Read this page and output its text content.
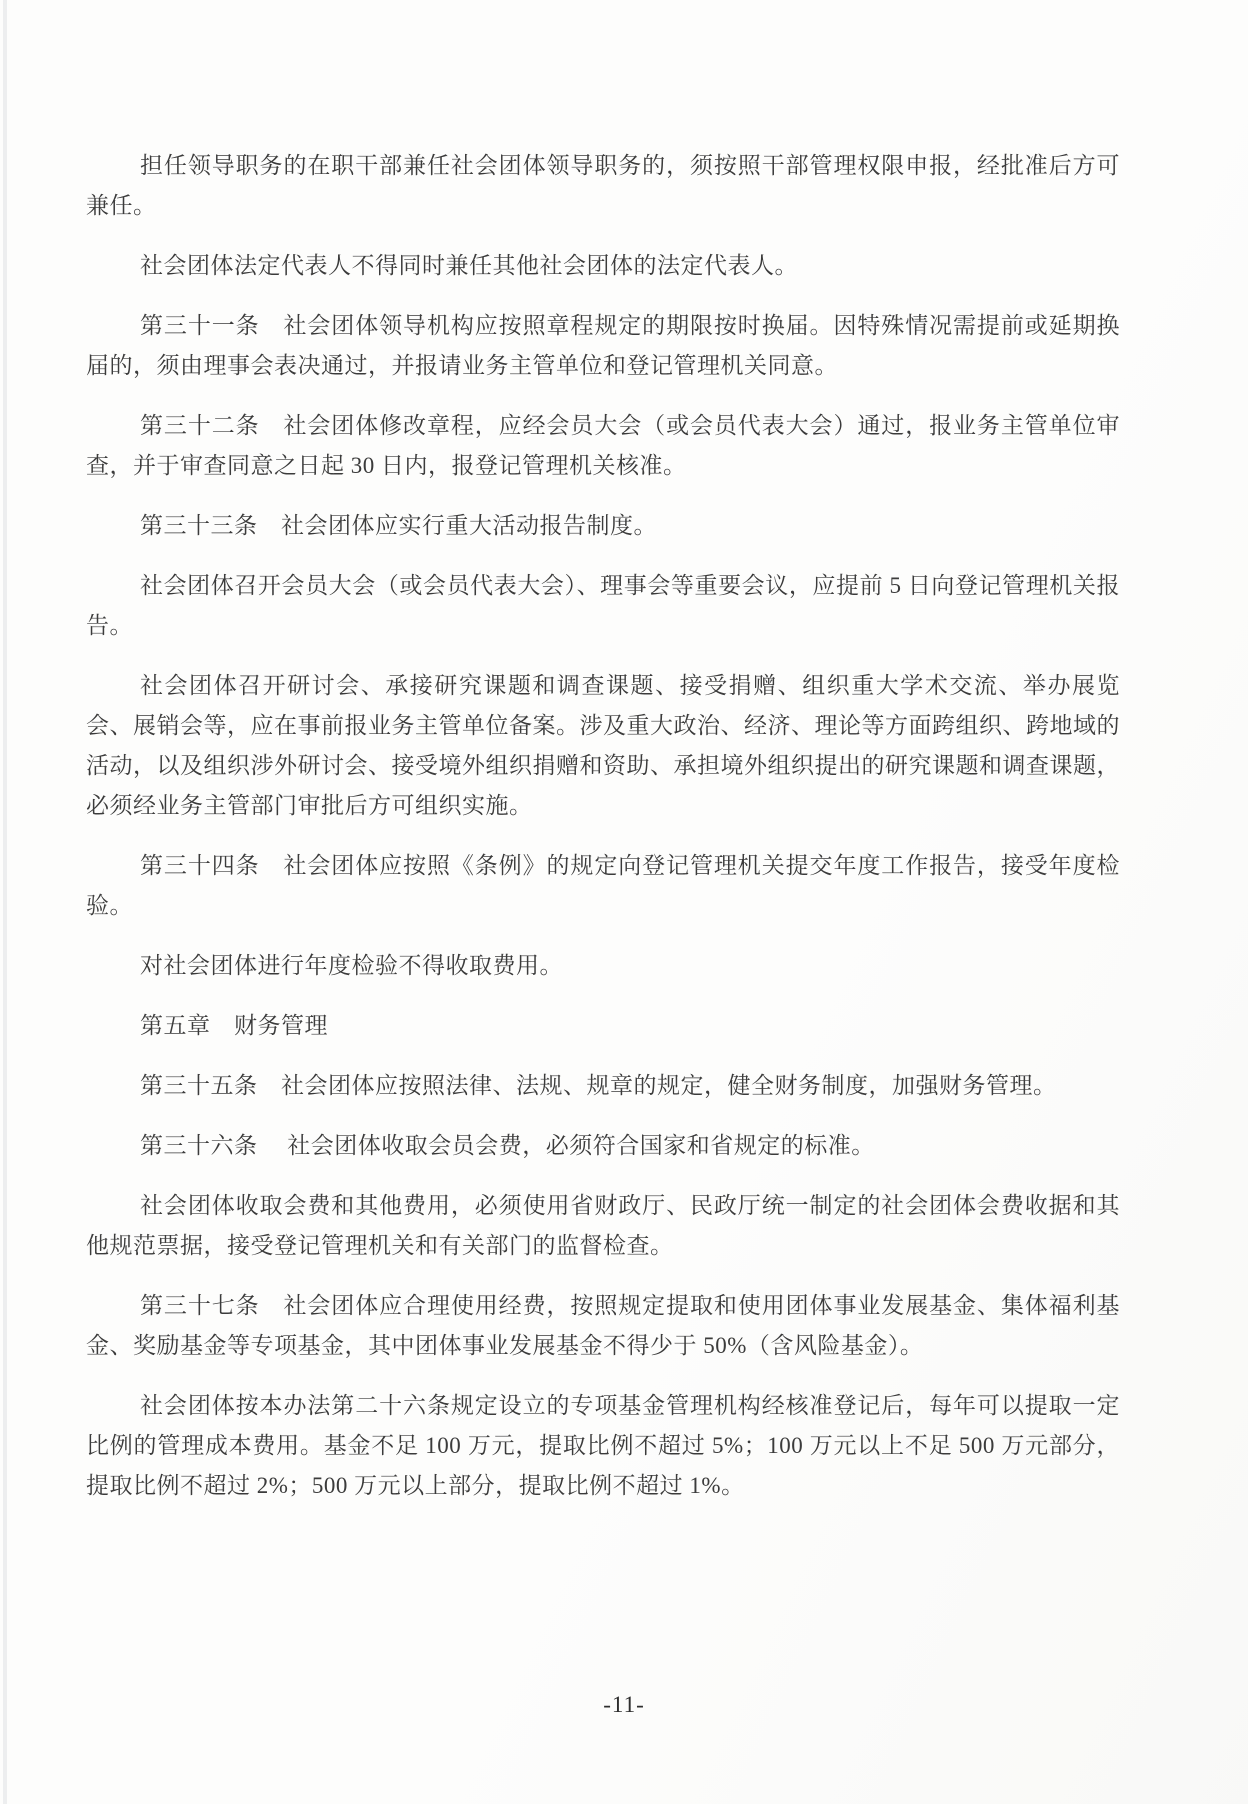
担任领导职务的在职干部兼任社会团体领导职务的，须按照干部管理权限申报，经批准后方可兼任。

社会团体法定代表人不得同时兼任其他社会团体的法定代表人。

第三十一条　社会团体领导机构应按照章程规定的期限按时换届。因特殊情况需提前或延期换届的，须由理事会表决通过，并报请业务主管单位和登记管理机关同意。

第三十二条　社会团体修改章程，应经会员大会（或会员代表大会）通过，报业务主管单位审查，并于审查同意之日起 30 日内，报登记管理机关核准。

第三十三条　社会团体应实行重大活动报告制度。

社会团体召开会员大会（或会员代表大会）、理事会等重要会议，应提前 5 日向登记管理机关报告。

社会团体召开研讨会、承接研究课题和调查课题、接受捐赠、组织重大学术交流、举办展览会、展销会等，应在事前报业务主管单位备案。涉及重大政治、经济、理论等方面跨组织、跨地域的活动，以及组织涉外研讨会、接受境外组织捐赠和资助、承担境外组织提出的研究课题和调查课题，必须经业务主管部门审批后方可组织实施。

第三十四条　社会团体应按照《条例》的规定向登记管理机关提交年度工作报告，接受年度检验。

对社会团体进行年度检验不得收取费用。

第五章　财务管理

第三十五条　社会团体应按照法律、法规、规章的规定，健全财务制度，加强财务管理。

第三十六条　 社会团体收取会员会费，必须符合国家和省规定的标准。

社会团体收取会费和其他费用，必须使用省财政厅、民政厅统一制定的社会团体会费收据和其他规范票据，接受登记管理机关和有关部门的监督检查。

第三十七条　社会团体应合理使用经费，按照规定提取和使用团体事业发展基金、集体福利基金、奖励基金等专项基金，其中团体事业发展基金不得少于 50%（含风险基金）。

社会团体按本办法第二十六条规定设立的专项基金管理机构经核准登记后，每年可以提取一定比例的管理成本费用。基金不足 100 万元，提取比例不超过 5%；100 万元以上不足 500 万元部分，提取比例不超过 2%；500 万元以上部分，提取比例不超过 1%。

-11-
